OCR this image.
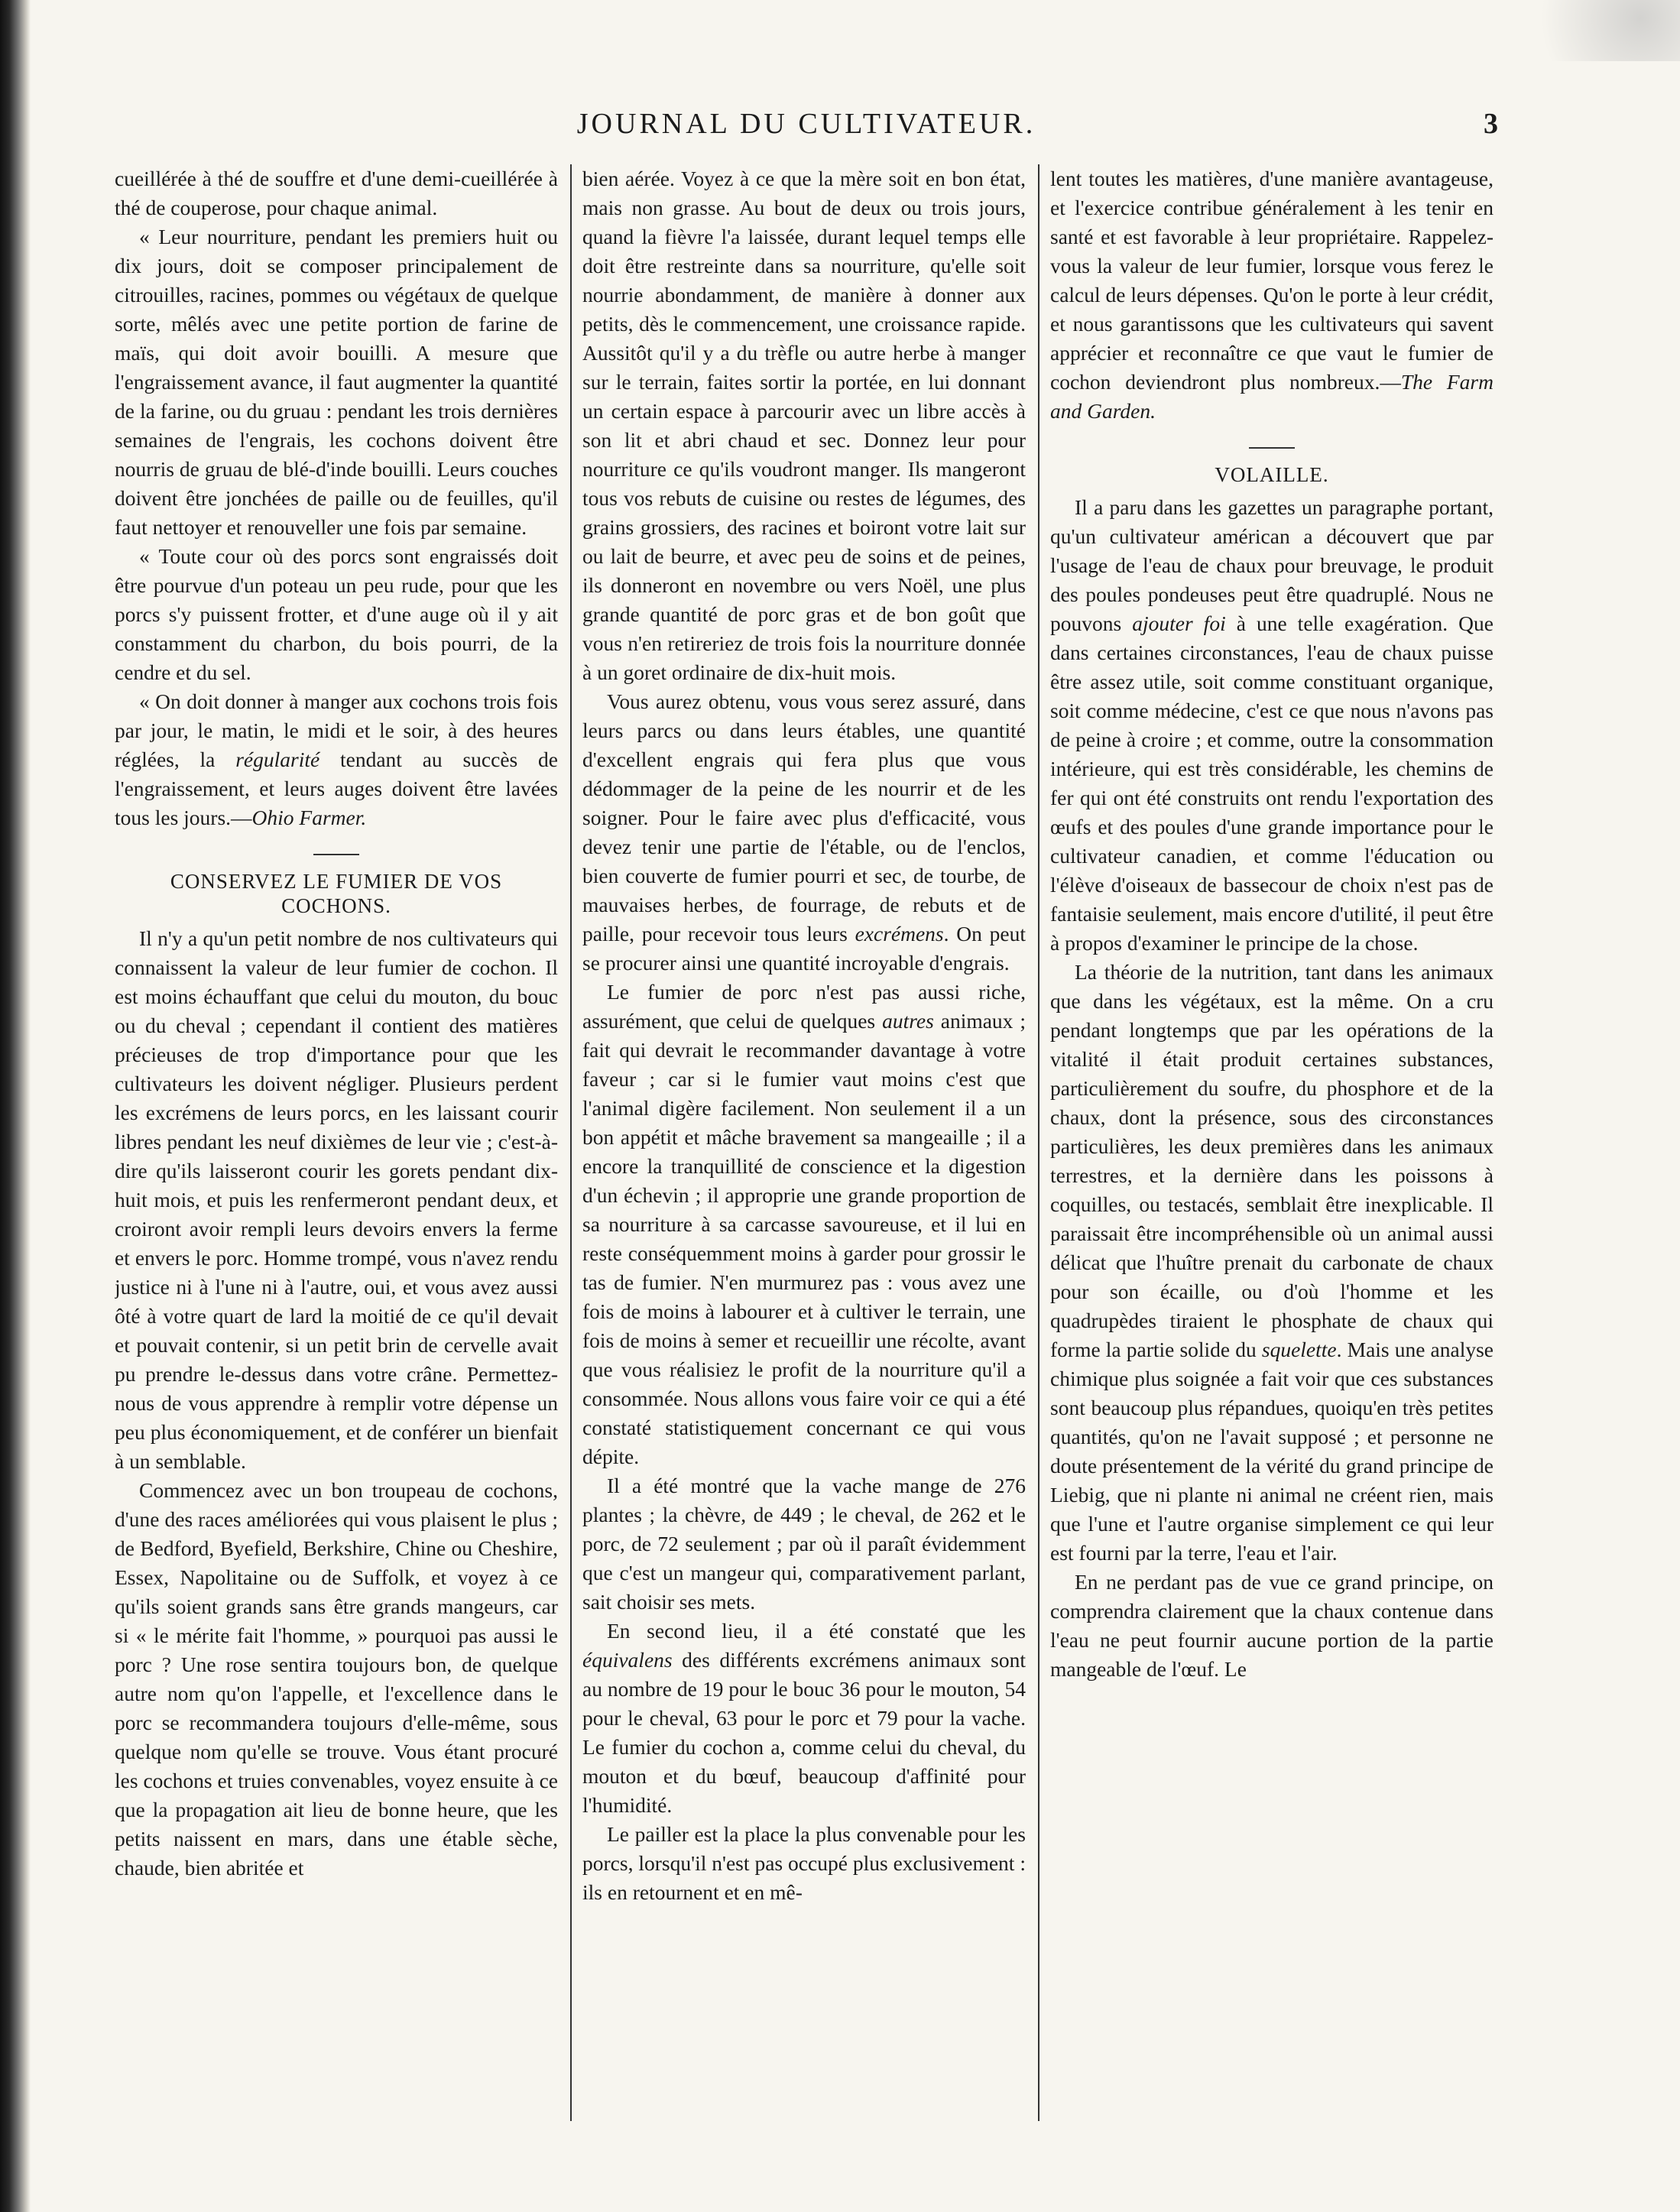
JOURNAL DU CULTIVATEUR.	3

cueillérée à thé de souffre et d'une demi-cueillérée à thé de couperose, pour chaque animal.

« Leur nourriture, pendant les premiers huit ou dix jours, doit se composer principalement de citrouilles, racines, pommes ou végétaux de quelque sorte, mêlés avec une petite portion de farine de maïs, qui doit avoir bouilli. A mesure que l'engraissement avance, il faut augmenter la quantité de la farine, ou du gruau : pendant les trois dernières semaines de l'engrais, les cochons doivent être nourris de gruau de blé-d'inde bouilli. Leurs couches doivent être jonchées de paille ou de feuilles, qu'il faut nettoyer et renouveller une fois par semaine.

« Toute cour où des porcs sont engraissés doit être pourvue d'un poteau un peu rude, pour que les porcs s'y puissent frotter, et d'une auge où il y ait constamment du charbon, du bois pourri, de la cendre et du sel.

« On doit donner à manger aux cochons trois fois par jour, le matin, le midi et le soir, à des heures réglées, la régularité tendant au succès de l'engraissement, et leurs auges doivent être lavées tous les jours.—Ohio Farmer.

CONSERVEZ LE FUMIER DE VOS COCHONS.

Il n'y a qu'un petit nombre de nos cultivateurs qui connaissent la valeur de leur fumier de cochon. Il est moins échauffant que celui du mouton, du bouc ou du cheval ; cependant il contient des matières précieuses de trop d'importance pour que les cultivateurs les doivent négliger. Plusieurs perdent les excrémens de leurs porcs, en les laissant courir libres pendant les neuf dixièmes de leur vie ; c'est-à-dire qu'ils laisseront courir les gorets pendant dix-huit mois, et puis les renfermeront pendant deux, et croiront avoir rempli leurs devoirs envers la ferme et envers le porc. Homme trompé, vous n'avez rendu justice ni à l'une ni à l'autre, oui, et vous avez aussi ôté à votre quart de lard la moitié de ce qu'il devait et pouvait contenir, si un petit brin de cervelle avait pu prendre le-dessus dans votre crâne. Permettez-nous de vous apprendre à remplir votre dépense un peu plus économiquement, et de conférer un bienfait à un semblable.

Commencez avec un bon troupeau de cochons, d'une des races améliorées qui vous plaisent le plus ; de Bedford, Byefield, Berkshire, Chine ou Cheshire, Essex, Napolitaine ou de Suffolk, et voyez à ce qu'ils soient grands sans être grands mangeurs, car si « le mérite fait l'homme, » pourquoi pas aussi le porc ? Une rose sentira toujours bon, de quelque autre nom qu'on l'appelle, et l'excellence dans le porc se recommandera toujours d'elle-même, sous quelque nom qu'elle se trouve. Vous étant procuré les cochons et truies convenables, voyez ensuite à ce que la propagation ait lieu de bonne heure, que les petits naissent en mars, dans une étable sèche, chaude, bien abritée et

bien aérée. Voyez à ce que la mère soit en bon état, mais non grasse. Au bout de deux ou trois jours, quand la fièvre l'a laissée, durant lequel temps elle doit être restreinte dans sa nourriture, qu'elle soit nourrie abondamment, de manière à donner aux petits, dès le commencement, une croissance rapide. Aussitôt qu'il y a du trèfle ou autre herbe à manger sur le terrain, faites sortir la portée, en lui donnant un certain espace à parcourir avec un libre accès à son lit et abri chaud et sec. Donnez leur pour nourriture ce qu'ils voudront manger. Ils mangeront tous vos rebuts de cuisine ou restes de légumes, des grains grossiers, des racines et boiront votre lait sur ou lait de beurre, et avec peu de soins et de peines, ils donneront en novembre ou vers Noël, une plus grande quantité de porc gras et de bon goût que vous n'en retireriez de trois fois la nourriture donnée à un goret ordinaire de dix-huit mois.

Vous aurez obtenu, vous vous serez assuré, dans leurs parcs ou dans leurs étables, une quantité d'excellent engrais qui fera plus que vous dédommager de la peine de les nourrir et de les soigner. Pour le faire avec plus d'efficacité, vous devez tenir une partie de l'étable, ou de l'enclos, bien couverte de fumier pourri et sec, de tourbe, de mauvaises herbes, de fourrage, de rebuts et de paille, pour recevoir tous leurs excrémens. On peut se procurer ainsi une quantité incroyable d'engrais.

Le fumier de porc n'est pas aussi riche, assurément, que celui de quelques autres animaux ; fait qui devrait le recommander davantage à votre faveur ; car si le fumier vaut moins c'est que l'animal digère facilement. Non seulement il a un bon appétit et mâche bravement sa mangeaille ; il a encore la tranquillité de conscience et la digestion d'un échevin ; il approprie une grande proportion de sa nourriture à sa carcasse savoureuse, et il lui en reste conséquemment moins à garder pour grossir le tas de fumier. N'en murmurez pas : vous avez une fois de moins à labourer et à cultiver le terrain, une fois de moins à semer et recueillir une récolte, avant que vous réalisiez le profit de la nourriture qu'il a consommée. Nous allons vous faire voir ce qui a été constaté statistiquement concernant ce qui vous dépite.

Il a été montré que la vache mange de 276 plantes ; la chèvre, de 449 ; le cheval, de 262 et le porc, de 72 seulement ; par où il paraît évidemment que c'est un mangeur qui, comparativement parlant, sait choisir ses mets.

En second lieu, il a été constaté que les équivalens des différents excrémens animaux sont au nombre de 19 pour le bouc 36 pour le mouton, 54 pour le cheval, 63 pour le porc et 79 pour la vache. Le fumier du cochon a, comme celui du cheval, du mouton et du bœuf, beaucoup d'affinité pour l'humidité.

Le pailler est la place la plus convenable pour les porcs, lorsqu'il n'est pas occupé plus exclusivement : ils en retournent et en mê-

lent toutes les matières, d'une manière avantageuse, et l'exercice contribue généralement à les tenir en santé et est favorable à leur propriétaire. Rappelez-vous la valeur de leur fumier, lorsque vous ferez le calcul de leurs dépenses. Qu'on le porte à leur crédit, et nous garantissons que les cultivateurs qui savent apprécier et reconnaître ce que vaut le fumier de cochon deviendront plus nombreux.—The Farm and Garden.

VOLAILLE.

Il a paru dans les gazettes un paragraphe portant, qu'un cultivateur américan a découvert que par l'usage de l'eau de chaux pour breuvage, le produit des poules pondeuses peut être quadruplé. Nous ne pouvons ajouter foi à une telle exagération. Que dans certaines circonstances, l'eau de chaux puisse être assez utile, soit comme constituant organique, soit comme médecine, c'est ce que nous n'avons pas de peine à croire ; et comme, outre la consommation intérieure, qui est très considérable, les chemins de fer qui ont été construits ont rendu l'exportation des œufs et des poules d'une grande importance pour le cultivateur canadien, et comme l'éducation ou l'élève d'oiseaux de bassecour de choix n'est pas de fantaisie seulement, mais encore d'utilité, il peut être à propos d'examiner le principe de la chose.

La théorie de la nutrition, tant dans les animaux que dans les végétaux, est la même. On a cru pendant longtemps que par les opérations de la vitalité il était produit certaines substances, particulièrement du soufre, du phosphore et de la chaux, dont la présence, sous des circonstances particulières, les deux premières dans les animaux terrestres, et la dernière dans les poissons à coquilles, ou testacés, semblait être inexplicable. Il paraissait être incompréhensible où un animal aussi délicat que l'huître prenait du carbonate de chaux pour son écaille, ou d'où l'homme et les quadrupèdes tiraient le phosphate de chaux qui forme la partie solide du squelette. Mais une analyse chimique plus soignée a fait voir que ces substances sont beaucoup plus répandues, quoiqu'en très petites quantités, qu'on ne l'avait supposé ; et personne ne doute présentement de la vérité du grand principe de Liebig, que ni plante ni animal ne créent rien, mais que l'une et l'autre organise simplement ce qui leur est fourni par la terre, l'eau et l'air.

En ne perdant pas de vue ce grand principe, on comprendra clairement que la chaux contenue dans l'eau ne peut fournir aucune portion de la partie mangeable de l'œuf. Le
